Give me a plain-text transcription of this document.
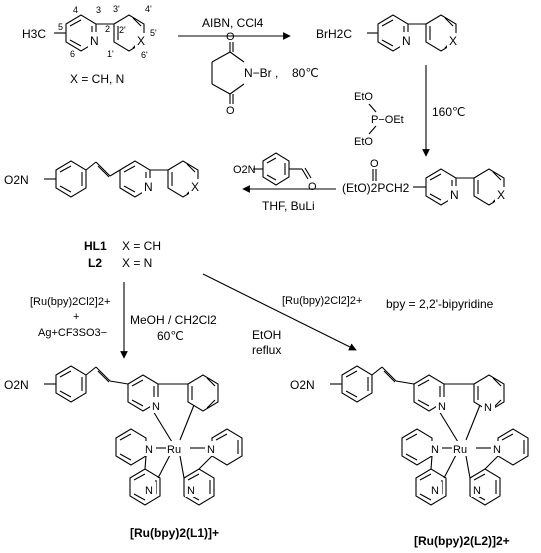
H3C	N	X
4 3
5	2
6
3'	4'
2'	5'
1'	6'
X = CH, N
AIBN, CCl4
O
O
N−Br , 80℃
BrH2C	N	X
EtO
P−OEt
EtO
160℃
O
(EtO)2PCH2	N	X
O2N
O
THF, BuLi
O2N	N	X
HL1 X = CH
L2 X = N
[Ru(bpy)2Cl2]2+
+
Ag+CF3SO3−
MeOH / CH2Cl2
60℃
[Ru(bpy)2Cl2]2+
EtOH
reflux
bpy = 2,2'-bipyridine
O2N
N
Ru
N	N
N	N
[Ru(bpy)2(L1)]+
O2N
N	N
Ru
N	N
N	N
[Ru(bpy)2(L2)]2+
